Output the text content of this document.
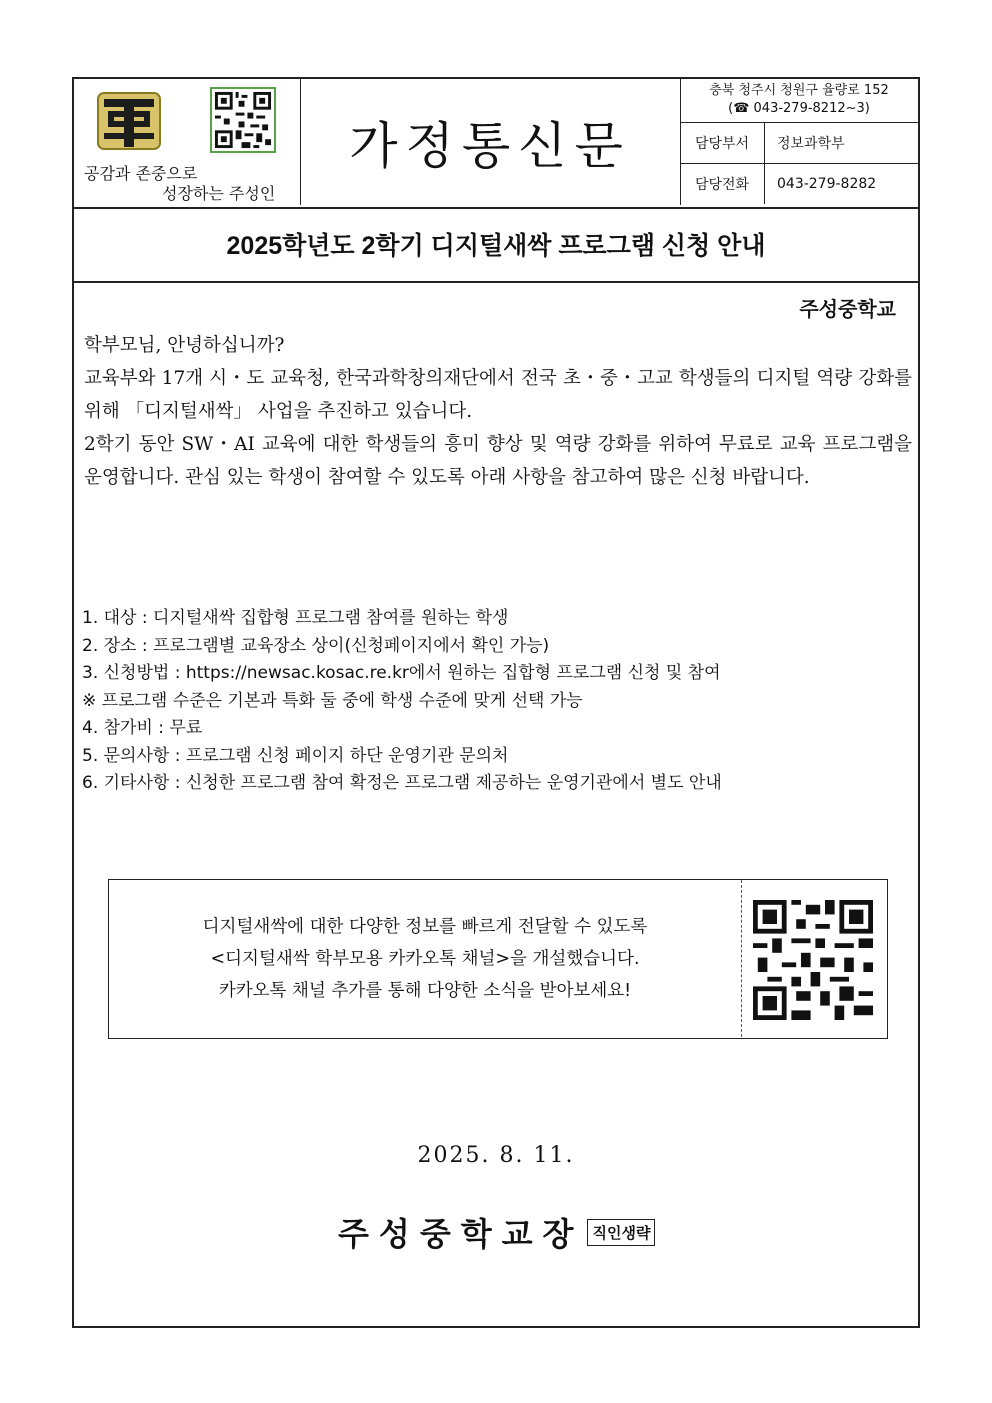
공감과 존중으로
성장하는 주성인
가정통신문
충북 청주시 청원구 율량로 152
(☎ 043-279-8212~3)
담당부서	정보과학부
담당전화	043-279-8282
2025학년도 2학기 디지털새싹 프로그램 신청 안내
주성중학교

학부모님, 안녕하십니까?

교육부와 17개 시・도 교육청, 한국과학창의재단에서 전국 초・중・고교 학생들의 디지털 역량 강화를 위해 「디지털새싹」 사업을 추진하고 있습니다.

2학기 동안 SW・AI 교육에 대한 학생들의 흥미 향상 및 역량 강화를 위하여 무료로 교육 프로그램을 운영합니다. 관심 있는 학생이 참여할 수 있도록 아래 사항을 참고하여 많은 신청 바랍니다.

1. 대상 : 디지털새싹 집합형 프로그램 참여를 원하는 학생
2. 장소 : 프로그램별 교육장소 상이(신청페이지에서 확인 가능)
3. 신청방법 : https://newsac.kosac.re.kr에서 원하는 집합형 프로그램 신청 및 참여
※ 프로그램 수준은 기본과 특화 둘 중에 학생 수준에 맞게 선택 가능
4. 참가비 : 무료
5. 문의사항 : 프로그램 신청 페이지 하단 운영기관 문의처
6. 기타사항 : 신청한 프로그램 참여 확정은 프로그램 제공하는 운영기관에서 별도 안내
디지털새싹에 대한 다양한 정보를 빠르게 전달할 수 있도록
<디지털새싹 학부모용 카카오톡 채널>을 개설했습니다.
카카오톡 채널 추가를 통해 다양한 소식을 받아보세요!
2025. 8. 11.
주성중학교장 직인생략
